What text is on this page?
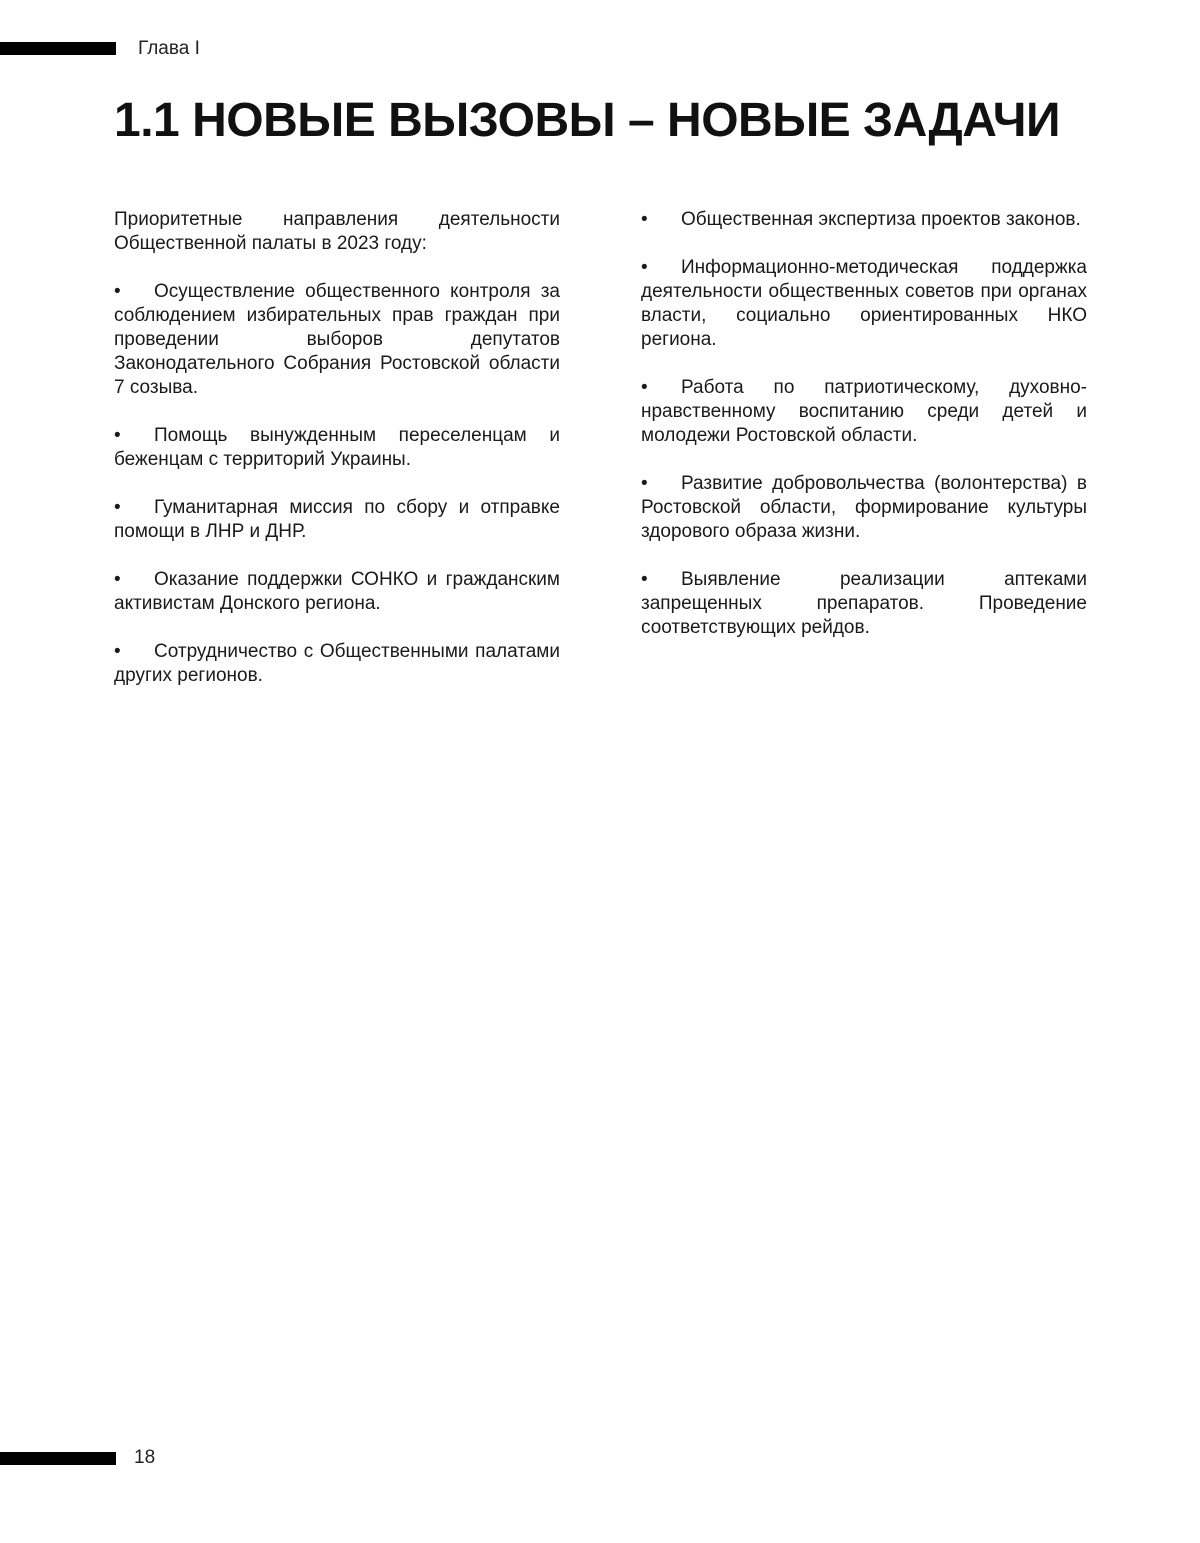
Глава I
1.1 НОВЫЕ ВЫЗОВЫ – НОВЫЕ ЗАДАЧИ

Приоритетные направления деятельности Общественной палаты в 2023 году:

• Осуществление общественного контроля за соблюдением избирательных прав граждан при проведении выборов депутатов Законодательного Собрания Ростовской области 7 созыва.

• Помощь вынужденным переселенцам и беженцам с территорий Украины.

• Гуманитарная миссия по сбору и отправке помощи в ЛНР и ДНР.

• Оказание поддержки СОНКО и гражданским активистам Донского региона.

• Сотрудничество с Общественными палатами других регионов.

• Общественная экспертиза проектов законов.

• Информационно-методическая поддержка деятельности общественных советов при органах власти, социально ориентированных НКО региона.

• Работа по патриотическому, духовно-нравственному воспитанию среди детей и молодежи Ростовской области.

• Развитие добровольчества (волонтерства) в Ростовской области, формирование культуры здорового образа жизни.

• Выявление реализации аптеками запрещенных препаратов. Проведение соответствующих рейдов.

18
